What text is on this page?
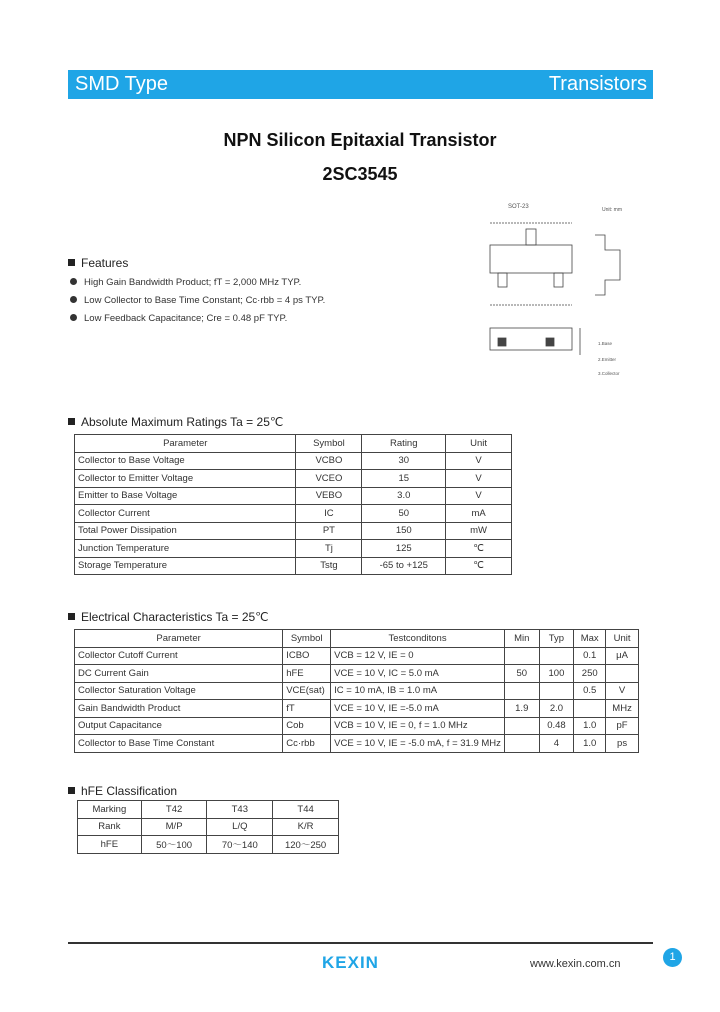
SMD Type	Transistors
NPN Silicon Epitaxial Transistor
2SC3545
Features
High Gain Bandwidth Product; fT = 2,000 MHz TYP.
Low Collector to Base Time Constant; Cc·rbb = 4 ps TYP.
Low Feedback Capacitance; Cre = 0.48 pF TYP.
SOT-23	Unit: mm
1.Base
2.Emitter
3.Collector
Absolute Maximum Ratings Ta = 25℃
Parameter	Symbol	Rating	Unit
Collector to Base Voltage	VCBO	30	V
Collector to Emitter Voltage	VCEO	15	V
Emitter to Base Voltage	VEBO	3.0	V
Collector Current	IC	50	mA
Total Power Dissipation	PT	150	mW
Junction Temperature	Tj	125	℃
Storage Temperature	Tstg	-65 to +125	℃
Electrical Characteristics Ta = 25℃
Parameter	Symbol	Testconditons	Min	Typ	Max	Unit
Collector Cutoff Current	ICBO	VCB = 12 V, IE = 0			0.1	μA
DC Current Gain	hFE	VCE = 10 V, IC = 5.0 mA	50	100	250	
Collector Saturation Voltage	VCE(sat)	IC = 10 mA, IB = 1.0 mA			0.5	V
Gain Bandwidth Product	fT	VCE = 10 V, IE =-5.0 mA	1.9	2.0		MHz
Output Capacitance	Cob	VCB = 10 V, IE = 0, f = 1.0 MHz		0.48	1.0	pF
Collector to Base Time Constant	Cc·rbb	VCE = 10 V, IE = -5.0 mA, f = 31.9 MHz		4	1.0	ps
hFE Classification
Marking	T42	T43	T44
Rank	M/P	L/Q	K/R
hFE	50～100	70～140	120～250
KEXIN	www.kexin.com.cn
1
